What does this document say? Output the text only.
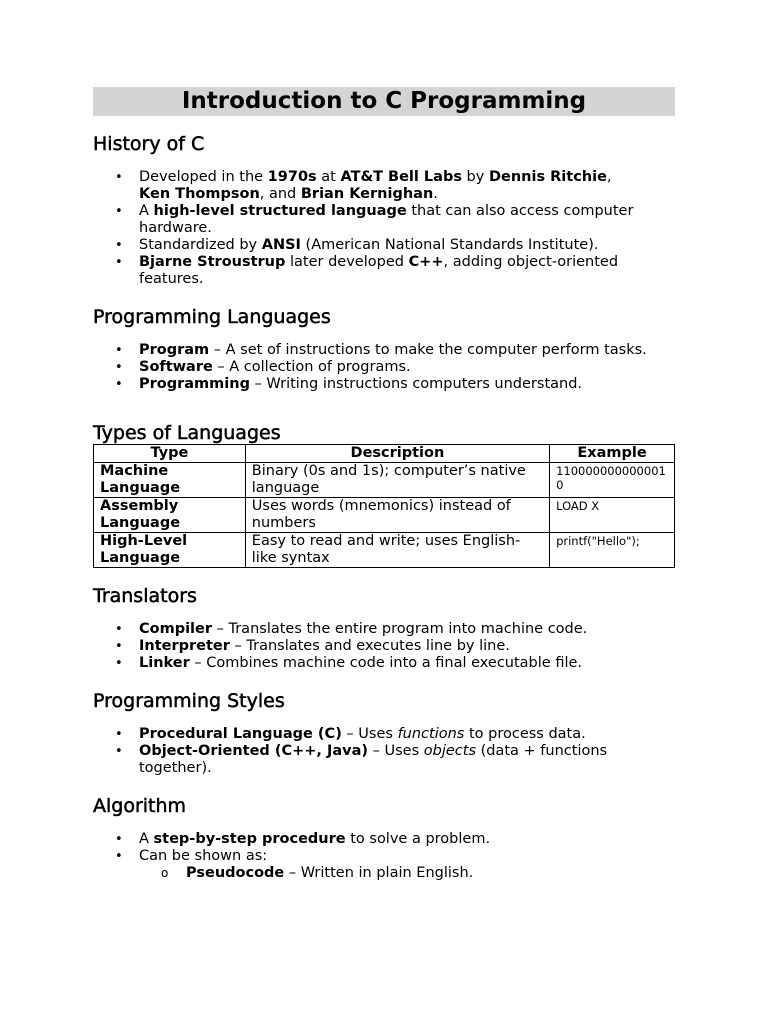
Introduction to C Programming
History of C
• Developed in the 1970s at AT&T Bell Labs by Dennis Ritchie,
Ken Thompson, and Brian Kernighan.
• A high-level structured language that can also access computer hardware.
• Standardized by ANSI (American National Standards Institute).
• Bjarne Stroustrup later developed C++, adding object-oriented features.
Programming Languages
• Program – A set of instructions to make the computer perform tasks.
• Software – A collection of programs.
• Programming – Writing instructions computers understand.
Types of Languages
Type	Description	Example
Machine Language	Binary (0s and 1s); computer’s native language	1100000000000010
Assembly Language	Uses words (mnemonics) instead of numbers	LOAD X
High-Level Language	Easy to read and write; uses English-like syntax	printf("Hello");
Translators
• Compiler – Translates the entire program into machine code.
• Interpreter – Translates and executes line by line.
• Linker – Combines machine code into a final executable file.
Programming Styles
• Procedural Language (C) – Uses functions to process data.
• Object-Oriented (C++, Java) – Uses objects (data + functions together).
Algorithm
• A step-by-step procedure to solve a problem.
• Can be shown as:
o Pseudocode – Written in plain English.
